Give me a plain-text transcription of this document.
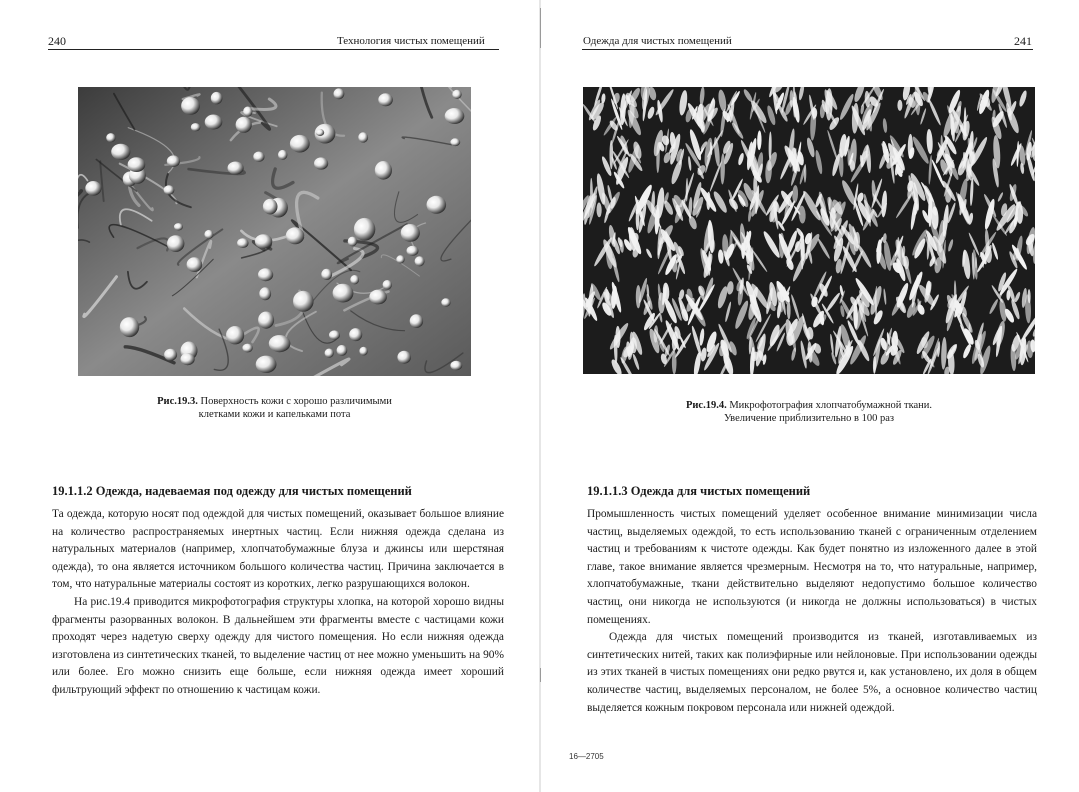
240	Технология чистых помещений
Рис.19.3. Поверхность кожи с хорошо различимыми
клетками кожи и капельками пота
19.1.1.2 Одежда, надеваемая под одежду для чистых помещений

Та одежда, которую носят под одеждой для чистых помещений, оказывает большое влияние на количество распространяемых инертных частиц. Если нижняя одежда сделана из натуральных материалов (например, хлопчатобумажные блуза и джинсы или шерстяная одежда), то она является источником большого количества частиц. Причина заключается в том, что натуральные материалы состоят из коротких, легко разрушающихся волокон.

На рис.19.4 приводится микрофотография структуры хлопка, на которой хорошо видны фрагменты разорванных волокон. В дальнейшем эти фрагменты вместе с частицами кожи проходят через надетую сверху одежду для чистого помещения. Но если нижняя одежда изготовлена из синтетических тканей, то выделение частиц от нее можно уменьшить на 90% или более. Его можно снизить еще больше, если нижняя одежда имеет хороший фильтрующий эффект по отношению к частицам кожи.

Одежда для чистых помещений	241
Рис.19.4. Микрофотография хлопчатобумажной ткани.
Увеличение приблизительно в 100 раз
19.1.1.3 Одежда для чистых помещений

Промышленность чистых помещений уделяет особенное внимание минимизации числа частиц, выделяемых одеждой, то есть использованию тканей с ограниченным отделением частиц и требованиям к чистоте одежды. Как будет понятно из изложенного далее в этой главе, такое внимание является чрезмерным. Несмотря на то, что натуральные, например, хлопчатобумажные, ткани действительно выделяют недопустимо большое количество частиц, они никогда не используются (и никогда не должны использоваться) в чистых помещениях.

Одежда для чистых помещений производится из тканей, изготавливаемых из синтетических нитей, таких как полиэфирные или нейлоновые. При использовании одежды из этих тканей в чистых помещениях они редко рвутся и, как установлено, их доля в общем количестве частиц, выделяемых персоналом, не более 5%, а основное количество частиц выделяется кожным покровом персонала или нижней одеждой.

16—2705
